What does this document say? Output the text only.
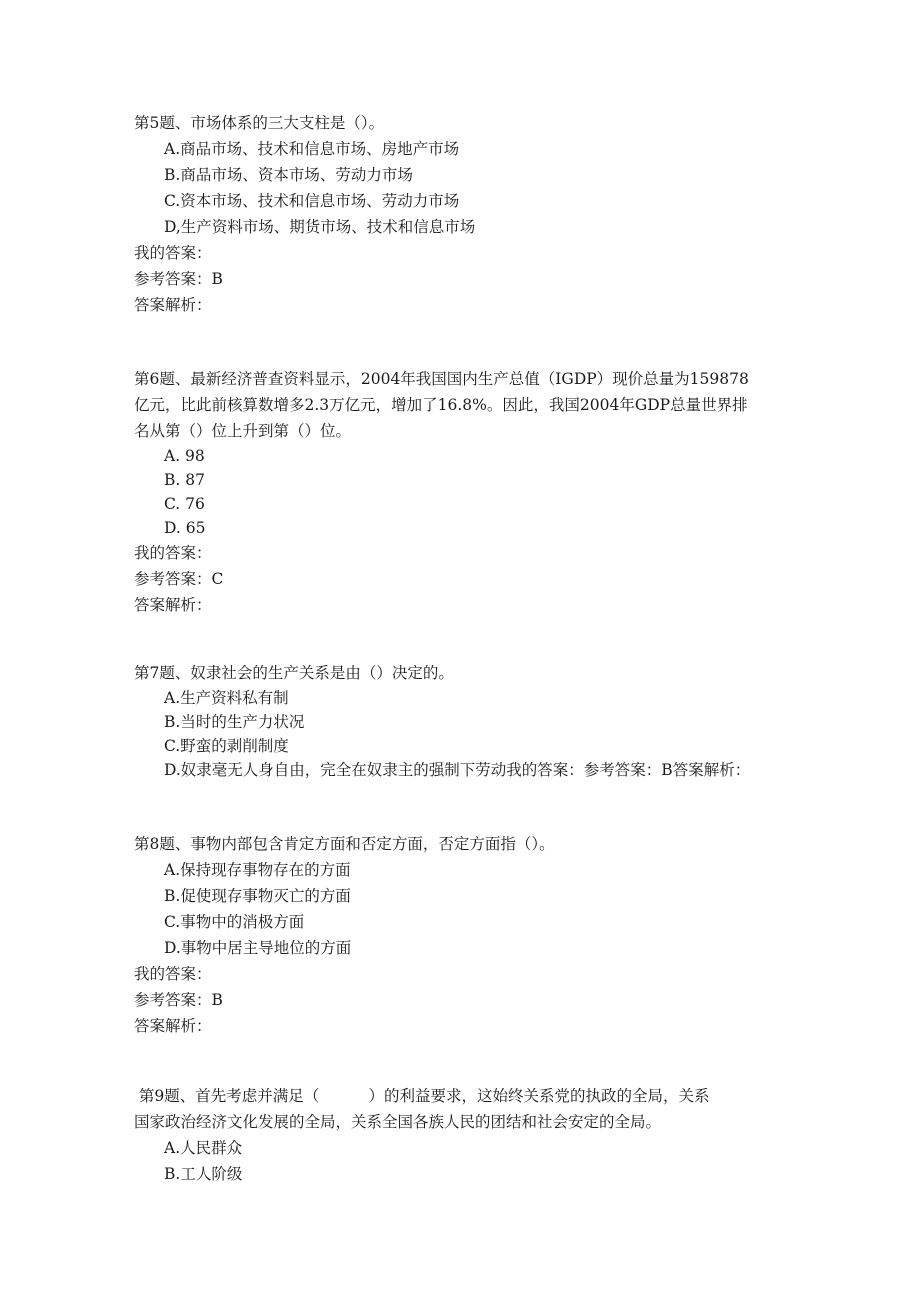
第5题、市场体系的三大支柱是（）。
A.商品市场、技术和信息市场、房地产市场
B.商品市场、资本市场、劳动力市场
C.资本市场、技术和信息市场、劳动力市场
D,生产资料市场、期货市场、技术和信息市场
我的答案：
参考答案：B
答案解析：
第6题、最新经济普查资料显示，2004年我国国内生产总值（IGDP）现价总量为159878
亿元，比此前核算数增多2.3万亿元，增加了16.8%。因此，我国2004年GDP总量世界排
名从第（）位上升到第（）位。
A. 98
B. 87
C. 76
D. 65
我的答案：
参考答案：C
答案解析：
第7题、奴隶社会的生产关系是由（）决定的。
A.生产资料私有制
B.当时的生产力状况
C.野蛮的剥削制度
D.奴隶毫无人身自由，完全在奴隶主的强制下劳动我的答案：参考答案：B答案解析：
第8题、事物内部包含肯定方面和否定方面，否定方面指（）。
A.保持现存事物存在的方面
B.促使现存事物灭亡的方面
C.事物中的消极方面
D.事物中居主导地位的方面
我的答案：
参考答案：B
答案解析：
第9题、首先考虑并满足（          ）的利益要求，这始终关系党的执政的全局，关系
国家政治经济文化发展的全局，关系全国各族人民的团结和社会安定的全局。
A.人民群众
B.工人阶级
